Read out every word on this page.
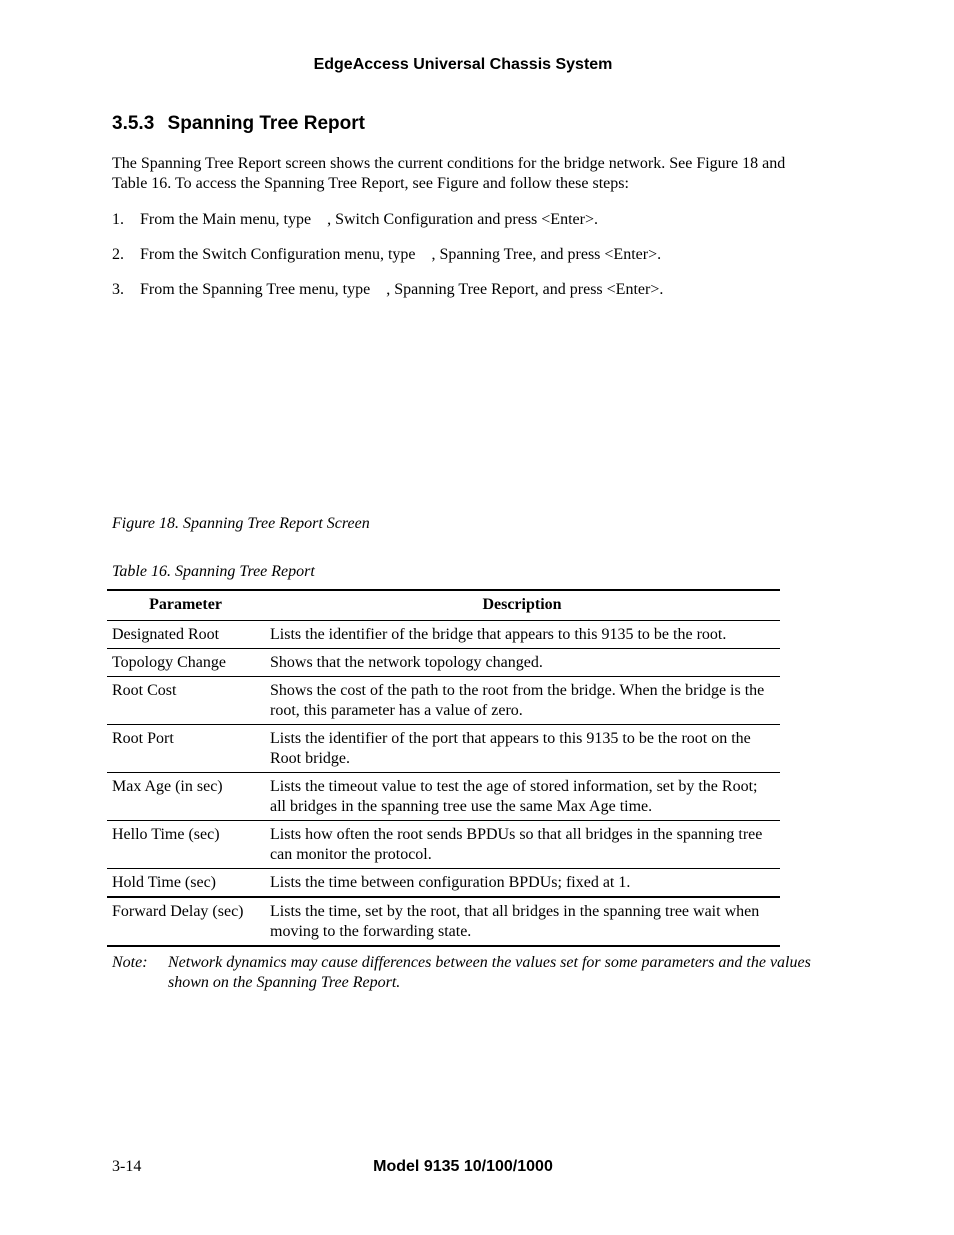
EdgeAccess Universal Chassis System
3.5.3 Spanning Tree Report

The Spanning Tree Report screen shows the current conditions for the bridge network. See Figure 18 and Table 16. To access the Spanning Tree Report, see Figure and follow these steps:

1. From the Main menu, type    , Switch Configuration and press <Enter>.
2. From the Switch Configuration menu, type    , Spanning Tree, and press <Enter>.
3. From the Spanning Tree menu, type    , Spanning Tree Report, and press <Enter>.
Figure 18. Spanning Tree Report Screen
Table 16. Spanning Tree Report
Parameter	Description
Designated Root	Lists the identifier of the bridge that appears to this 9135 to be the root.
Topology Change	Shows that the network topology changed.
Root Cost	Shows the cost of the path to the root from the bridge. When the bridge is the root, this parameter has a value of zero.
Root Port	Lists the identifier of the port that appears to this 9135 to be the root on the Root bridge.
Max Age (in sec)	Lists the timeout value to test the age of stored information, set by the Root; all bridges in the spanning tree use the same Max Age time.
Hello Time (sec)	Lists how often the root sends BPDUs so that all bridges in the spanning tree can monitor the protocol.
Hold Time (sec)	Lists the time between configuration BPDUs; fixed at 1.
Forward Delay (sec)	Lists the time, set by the root, that all bridges in the spanning tree wait when moving to the forwarding state.
Note:	Network dynamics may cause differences between the values set for some parameters and the values shown on the Spanning Tree Report.
3-14	Model 9135 10/100/1000
